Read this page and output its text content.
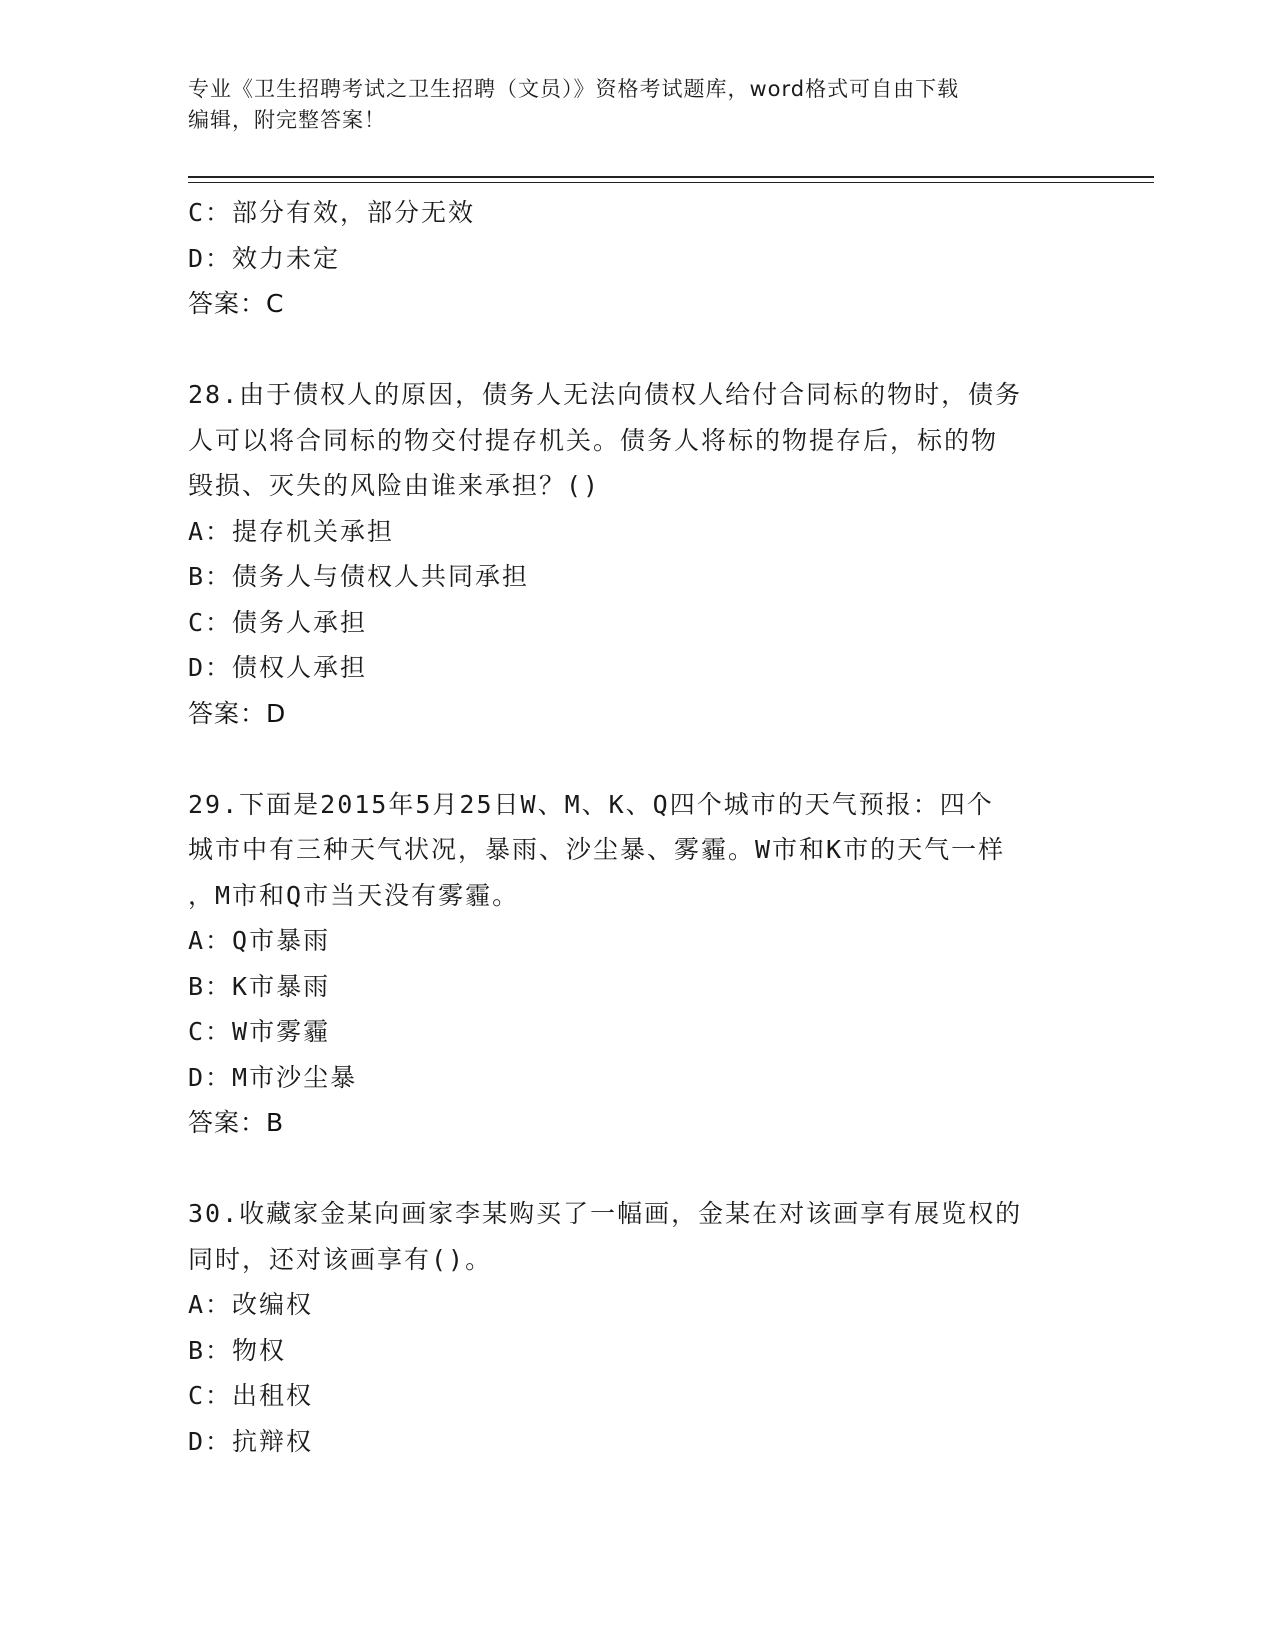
专业《卫生招聘考试之卫生招聘（文员）》资格考试题库，word格式可自由下载
编辑，附完整答案！
C：部分有效，部分无效
D：效力未定
答案：C
28.由于债权人的原因，债务人无法向债权人给付合同标的物时，债务
人可以将合同标的物交付提存机关。债务人将标的物提存后，标的物
毁损、灭失的风险由谁来承担？()
A：提存机关承担
B：债务人与债权人共同承担
C：债务人承担
D：债权人承担
答案：D
29.下面是2015年5月25日W、M、K、Q四个城市的天气预报：四个
城市中有三种天气状况，暴雨、沙尘暴、雾霾。W市和K市的天气一样
，M市和Q市当天没有雾霾。
A：Q市暴雨
B：K市暴雨
C：W市雾霾
D：M市沙尘暴
答案：B
30.收藏家金某向画家李某购买了一幅画，金某在对该画享有展览权的
同时，还对该画享有()。
A：改编权
B：物权
C：出租权
D：抗辩权
